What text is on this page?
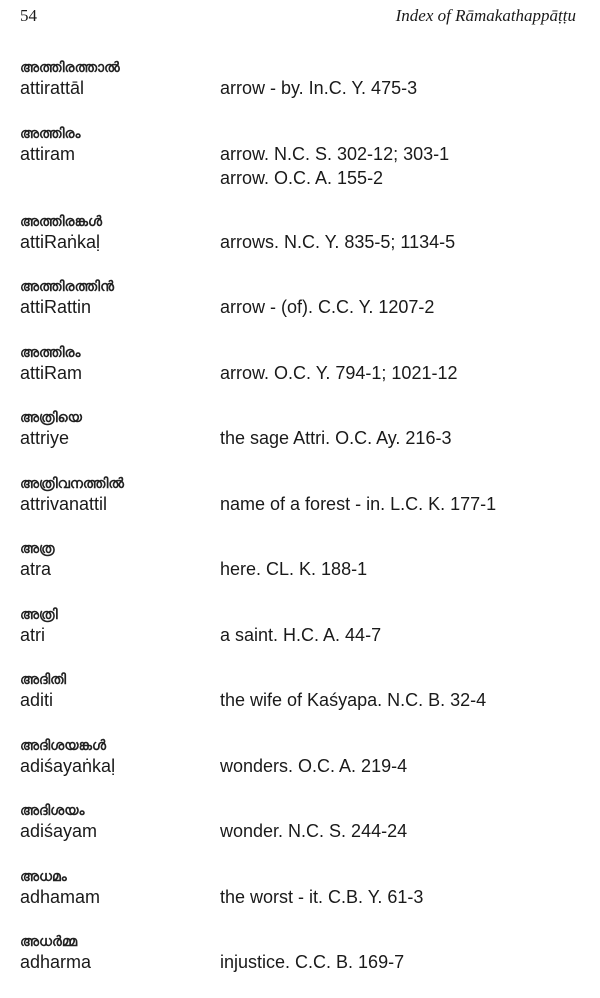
54	Index of Rāmakathappāṭṭu
അത്തിരത്താൽ
attirattāl	arrow - by. In.C. Y. 475-3
അത്തിരം
attiram	arrow. N.C. S. 302-12; 303-1
arrow. O.C. A. 155-2
അത്തിരങ്കൾ
attiRaṅkaḷ	arrows. N.C. Y. 835-5; 1134-5
അത്തിരത്തിൻ
attiRattin	arrow - (of). C.C. Y. 1207-2
അത്തിരം
attiRam	arrow. O.C. Y. 794-1; 1021-12
അത്രിയെ
attriye	the sage Attri. O.C. Ay. 216-3
അത്രിവനത്തിൽ
attrivanattil	name of a forest - in. L.C. K. 177-1
അത്ര
atra	here. CL. K. 188-1
അത്രി
atri	a saint. H.C. A. 44-7
അദിതി
aditi	the wife of Kaśyapa. N.C. B. 32-4
അദിശയങ്കൾ
adiśayaṅkaḷ	wonders. O.C. A. 219-4
അദിശയം
adiśayam	wonder. N.C. S. 244-24
അധമം
adhamam	the worst - it. C.B. Y. 61-3
അധർമ്മ
adharma	injustice. C.C. B. 169-7
